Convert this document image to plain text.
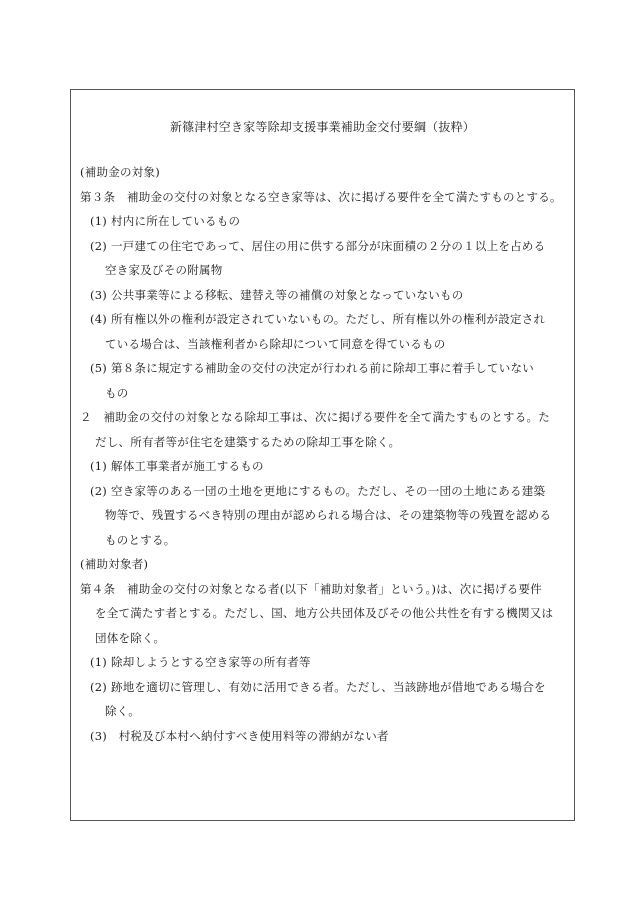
新篠津村空き家等除却支援事業補助金交付要綱（抜粋）
(補助金の対象)
第３条　補助金の交付の対象となる空き家等は、次に掲げる要件を全て満たすものとする。
(1) 村内に所在しているもの
(2) 一戸建ての住宅であって、居住の用に供する部分が床面積の２分の１以上を占める
空き家及びその附属物
(3) 公共事業等による移転、建替え等の補償の対象となっていないもの
(4) 所有権以外の権利が設定されていないもの。ただし、所有権以外の権利が設定され
ている場合は、当該権利者から除却について同意を得ているもの
(5) 第８条に規定する補助金の交付の決定が行われる前に除却工事に着手していない
もの
２　補助金の交付の対象となる除却工事は、次に掲げる要件を全て満たすものとする。た
だし、所有者等が住宅を建築するための除却工事を除く。
(1) 解体工事業者が施工するもの
(2) 空き家等のある一団の土地を更地にするもの。ただし、その一団の土地にある建築
物等で、残置するべき特別の理由が認められる場合は、その建築物等の残置を認める
ものとする。
(補助対象者)
第４条　補助金の交付の対象となる者(以下「補助対象者」という。)は、次に掲げる要件
を全て満たす者とする。ただし、国、地方公共団体及びその他公共性を有する機関又は
団体を除く。
(1) 除却しようとする空き家等の所有者等
(2) 跡地を適切に管理し、有効に活用できる者。ただし、当該跡地が借地である場合を
除く。
(3)　村税及び本村へ納付すべき使用料等の滞納がない者
